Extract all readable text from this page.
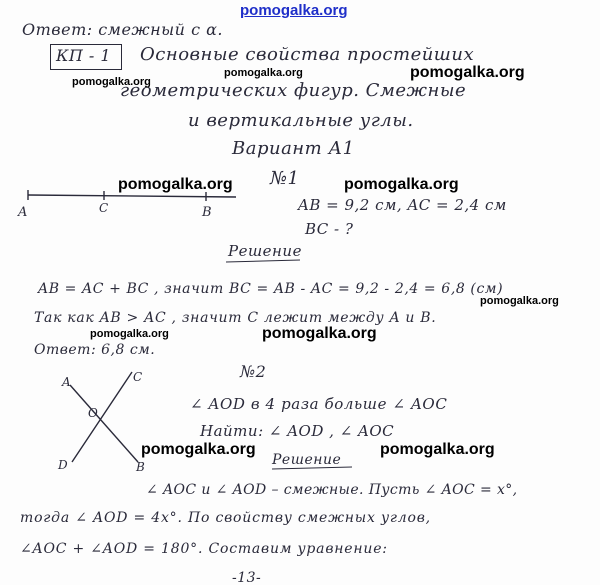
pomogalka.org
Ответ: смежный с α.
КП - 1 Основные свойства простейших
геометрических фигур. Смежные
и вертикальные углы.
Вариант А1
pomogalka.org
pomogalka.org	pomogalka.org
№1
pomogalka.org	pomogalka.org
A	C	B	AB = 9,2 см, AC = 2,4 см
BC - ?
Решение
AB = AC + BC , значит BC = AB - AC = 9,2 - 2,4 = 6,8 (см)
pomogalka.org
Так как AB > AC , значит C лежит между A и B.
pomogalka.org	pomogalka.org
Ответ: 6,8 см.
A	C
O
D	B
№2
∠ AOD в 4 раза больше ∠ AOC
Найти: ∠ AOD , ∠ AOC
pomogalka.org	pomogalka.org
Решение
∠ AOC и ∠ AOD – смежные. Пусть ∠ AOC = x°,
тогда ∠ AOD = 4x°. По свойству смежных углов,
∠AOC + ∠AOD = 180°. Составим уравнение:
-13-
